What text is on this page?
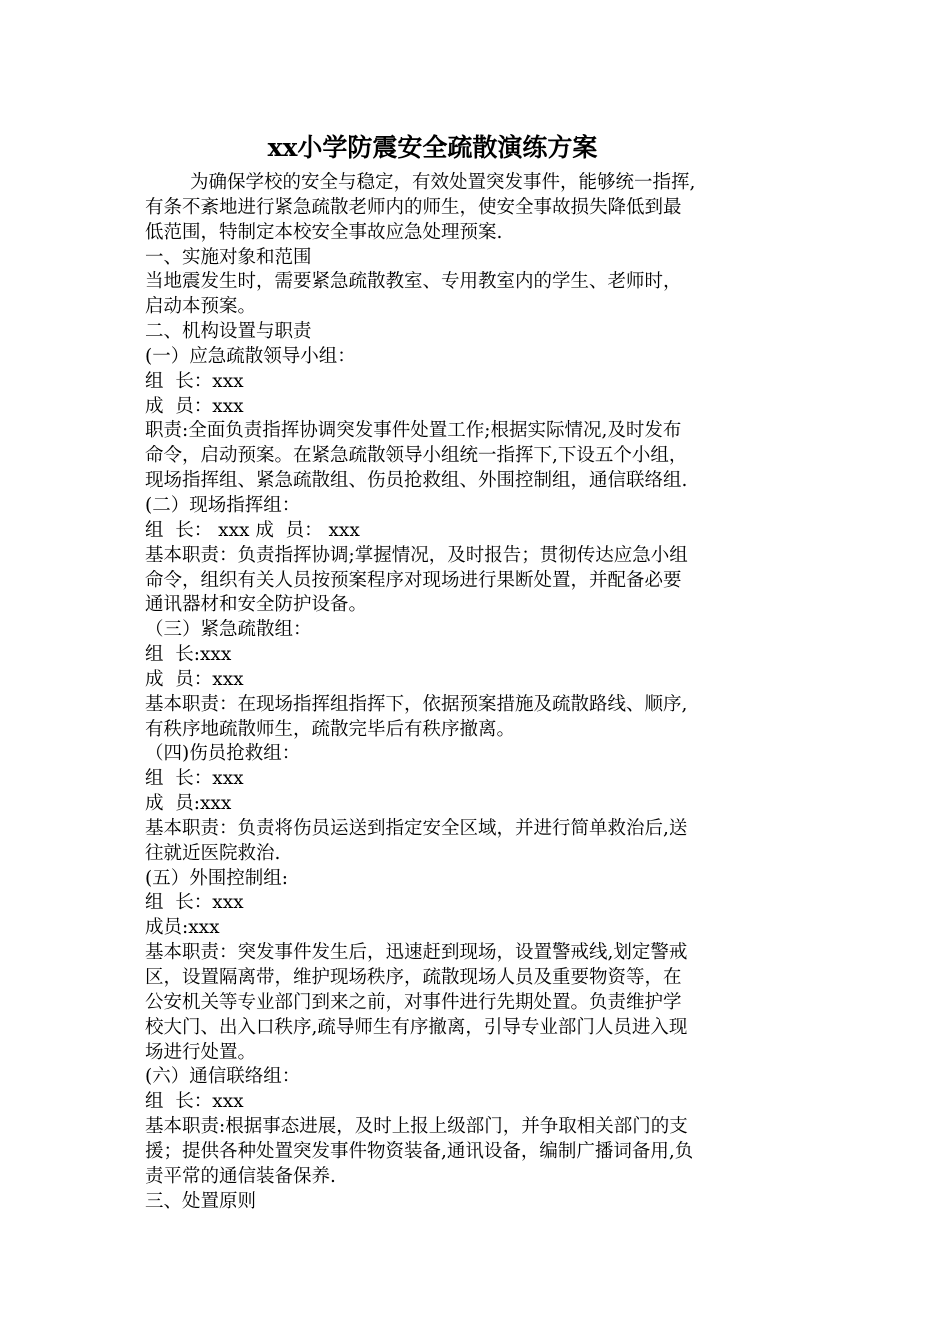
xx小学防震安全疏散演练方案
为确保学校的安全与稳定，有效处置突发事件，能够统一指挥,
有条不紊地进行紧急疏散老师内的师生，使安全事故损失降低到最
低范围，特制定本校安全事故应急处理预案.
一、实施对象和范围
当地震发生时，需要紧急疏散教室、专用教室内的学生、老师时，
启动本预案。
二、机构设置与职责
(一）应急疏散领导小组：
组  长：xxx
成  员：xxx
职责:全面负责指挥协调突发事件处置工作;根据实际情况,及时发布
命令，启动预案。在紧急疏散领导小组统一指挥下,下设五个小组，
现场指挥组、紧急疏散组、伤员抢救组、外围控制组，通信联络组.
(二）现场指挥组：
组  长： xxx 成  员： xxx
基本职责：负责指挥协调;掌握情况，及时报告；贯彻传达应急小组
命令，组织有关人员按预案程序对现场进行果断处置，并配备必要
通讯器材和安全防护设备。
（三）紧急疏散组：
组  长:xxx
成  员：xxx
基本职责：在现场指挥组指挥下，依据预案措施及疏散路线、顺序,
有秩序地疏散师生，疏散完毕后有秩序撤离。
（四)伤员抢救组：
组  长：xxx
成  员:xxx
基本职责：负责将伤员运送到指定安全区域，并进行简单救治后,送
往就近医院救治.
(五）外围控制组:
组  长：xxx
成员:xxx
基本职责：突发事件发生后，迅速赶到现场，设置警戒线,划定警戒
区，设置隔离带，维护现场秩序，疏散现场人员及重要物资等，在
公安机关等专业部门到来之前，对事件进行先期处置。负责维护学
校大门、出入口秩序,疏导师生有序撤离，引导专业部门人员进入现
场进行处置。
(六）通信联络组：
组  长：xxx
基本职责:根据事态进展，及时上报上级部门，并争取相关部门的支
援；提供各种处置突发事件物资装备,通讯设备，编制广播词备用,负
责平常的通信装备保养.
三、处置原则
